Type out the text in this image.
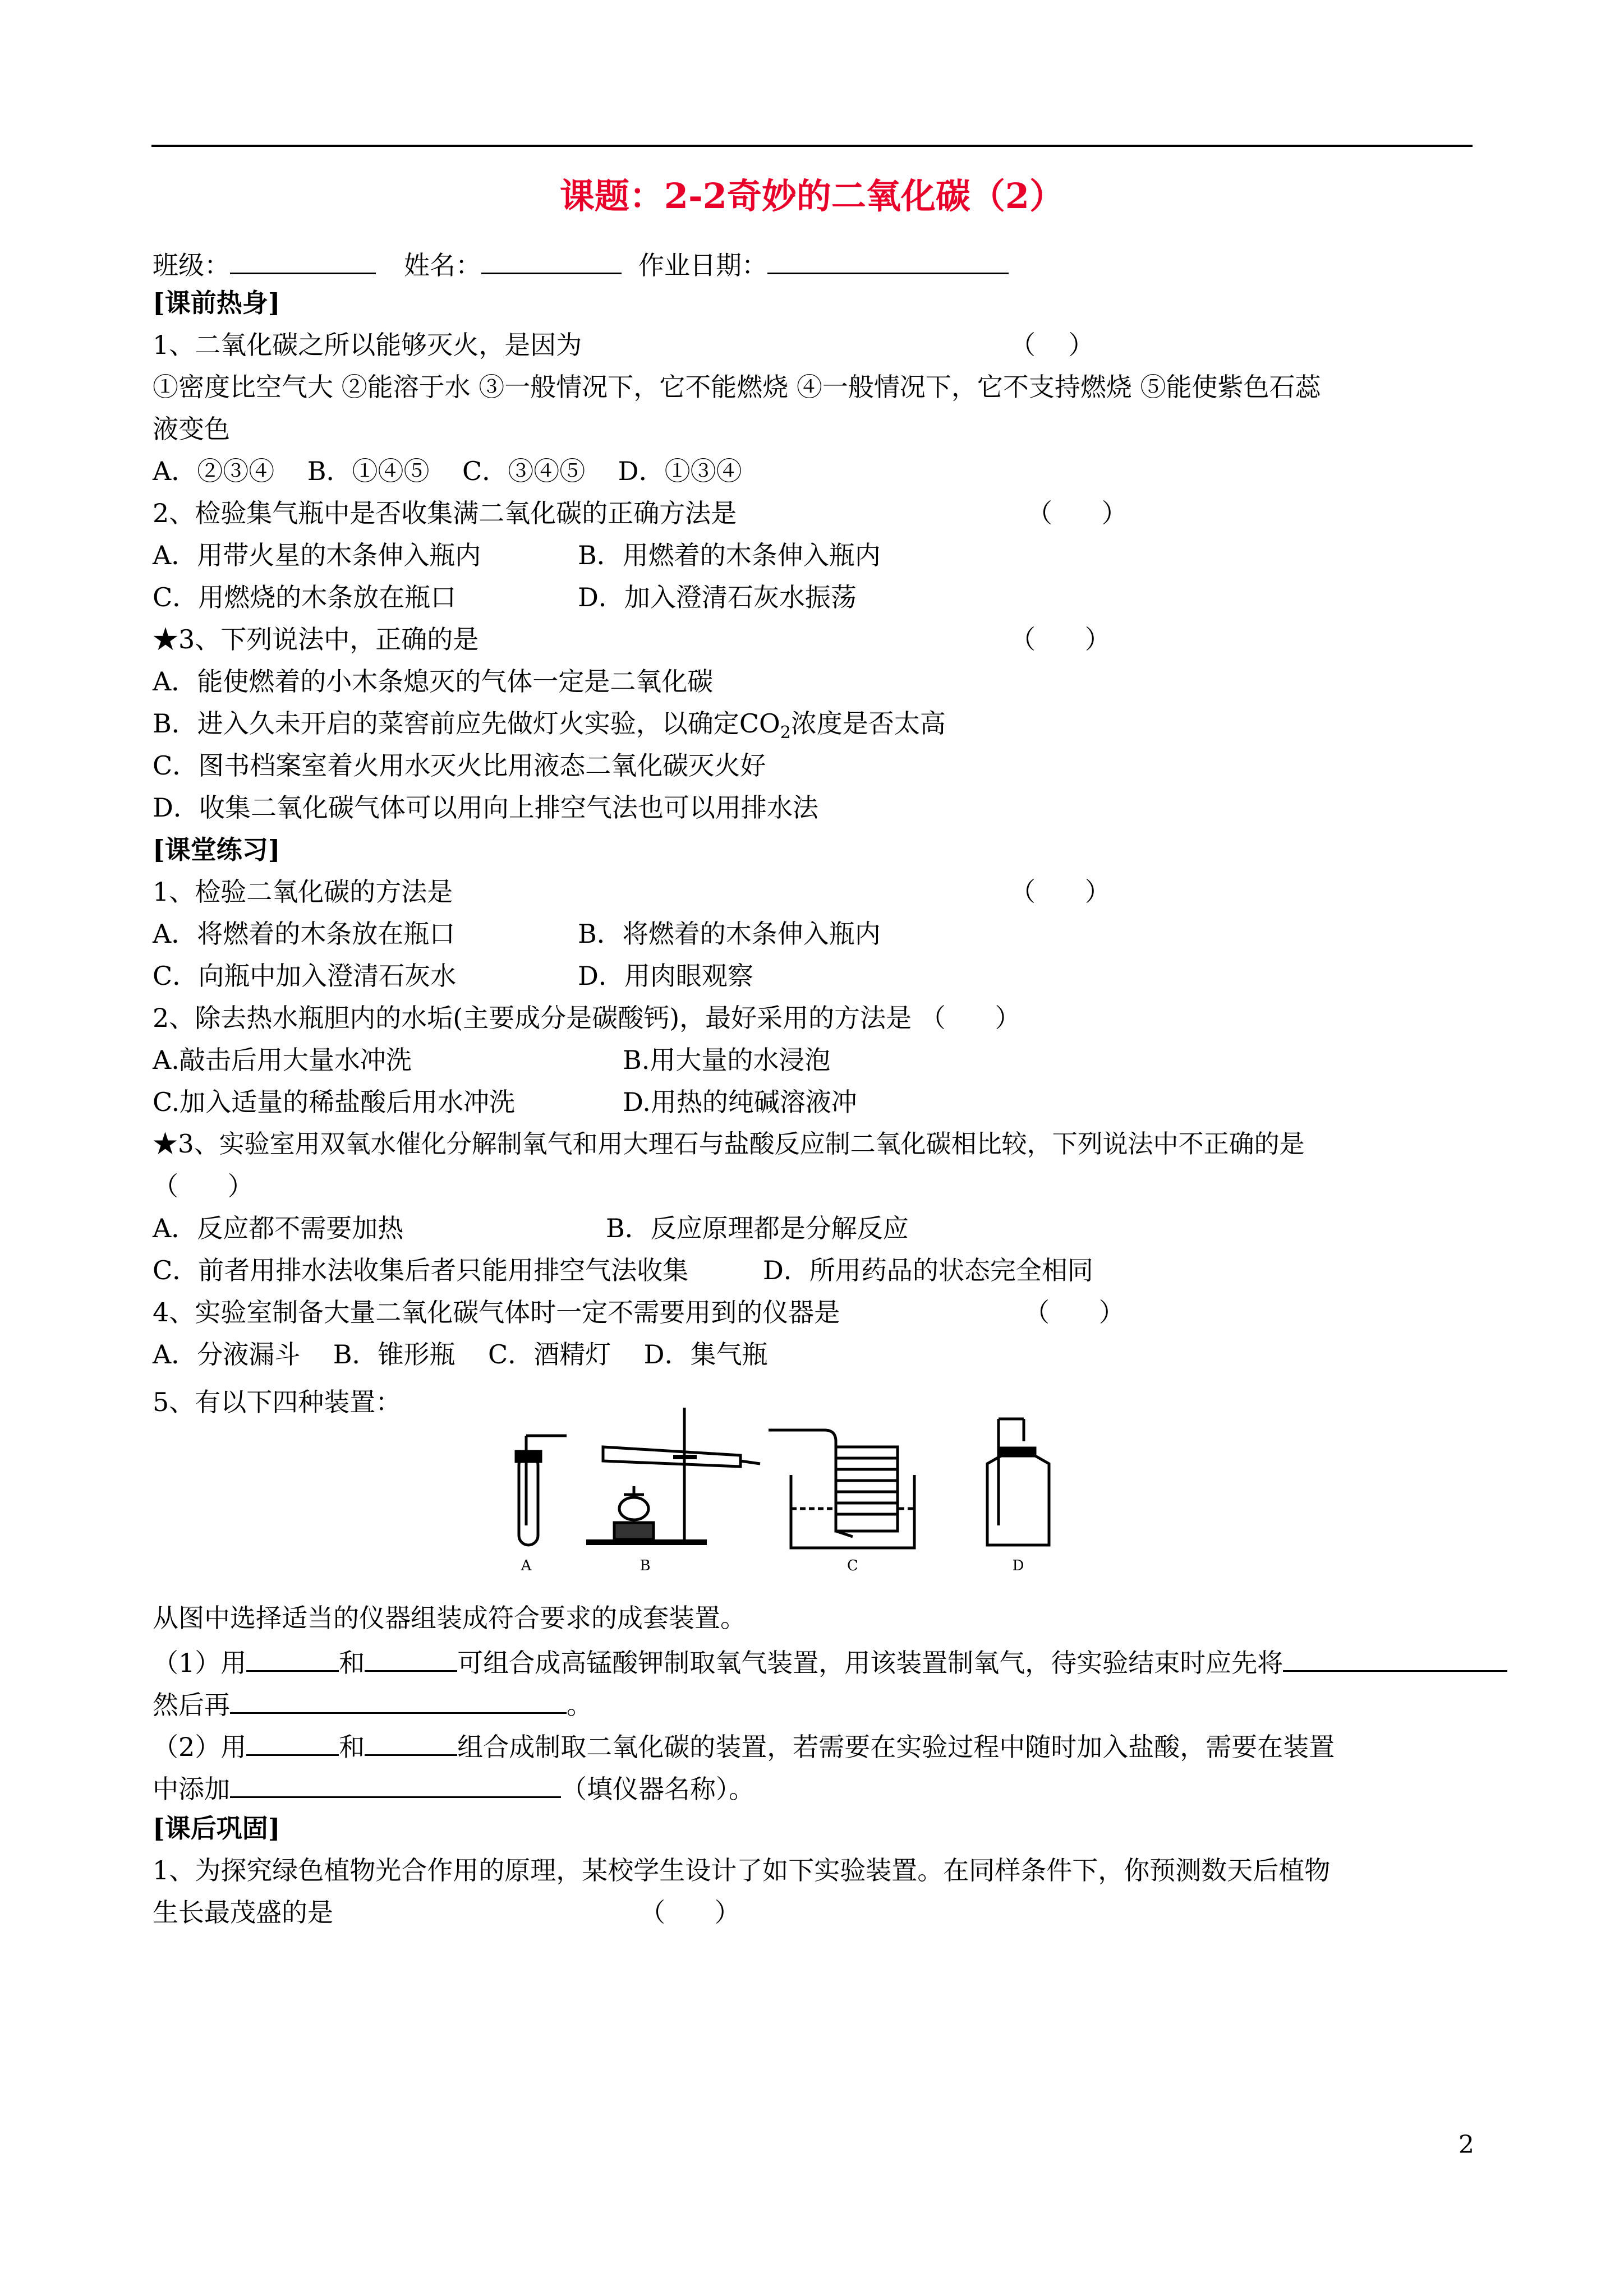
课题：2-2奇妙的二氧化碳（2）
班级：	姓名：	作业日期：
[课前热身]
1、二氧化碳之所以能够灭火，是因为	（    ）
①密度比空气大 ②能溶于水 ③一般情况下，它不能燃烧 ④一般情况下，它不支持燃烧 ⑤能使紫色石蕊
液变色
A．②③④    B．①④⑤    C．③④⑤    D．①③④
2、检验集气瓶中是否收集满二氧化碳的正确方法是	（      ）
A．用带火星的木条伸入瓶内	B．用燃着的木条伸入瓶内
C．用燃烧的木条放在瓶口	D．加入澄清石灰水振荡
★3、下列说法中，正确的是	（      ）
A．能使燃着的小木条熄灭的气体一定是二氧化碳
B．进入久未开启的菜窖前应先做灯火实验，以确定$CO_2$浓度是否太高
C．图书档案室着火用水灭火比用液态二氧化碳灭火好
D．收集二氧化碳气体可以用向上排空气法也可以用排水法
[课堂练习]
1、检验二氧化碳的方法是	（      ）
A．将燃着的木条放在瓶口	B．将燃着的木条伸入瓶内
C．向瓶中加入澄清石灰水	D．用肉眼观察
2、除去热水瓶胆内的水垢(主要成分是碳酸钙)，最好采用的方法是 （      ）
A.敲击后用大量水冲洗	B.用大量的水浸泡
C.加入适量的稀盐酸后用水冲洗	D.用热的纯碱溶液冲
★3、实验室用双氧水催化分解制氧气和用大理石与盐酸反应制二氧化碳相比较，下列说法中不正确的是
（      ）
A．反应都不需要加热	B．反应原理都是分解反应
C．前者用排水法收集后者只能用排空气法收集	D．所用药品的状态完全相同
4、实验室制备大量二氧化碳气体时一定不需要用到的仪器是	（      ）
A．分液漏斗    B．锥形瓶    C．酒精灯    D．集气瓶
5、有以下四种装置：
A	B	C	D
从图中选择适当的仪器组装成符合要求的成套装置。
（1）用	和	可组合成高锰酸钾制取氧气装置，用该装置制氧气，待实验结束时应先将
然后再	。
（2）用	和	组合成制取二氧化碳的装置，若需要在实验过程中随时加入盐酸，需要在装置
中添加	（填仪器名称）。
[课后巩固]
1、为探究绿色植物光合作用的原理，某校学生设计了如下实验装置。在同样条件下，你预测数天后植物
生长最茂盛的是	（      ）
2
